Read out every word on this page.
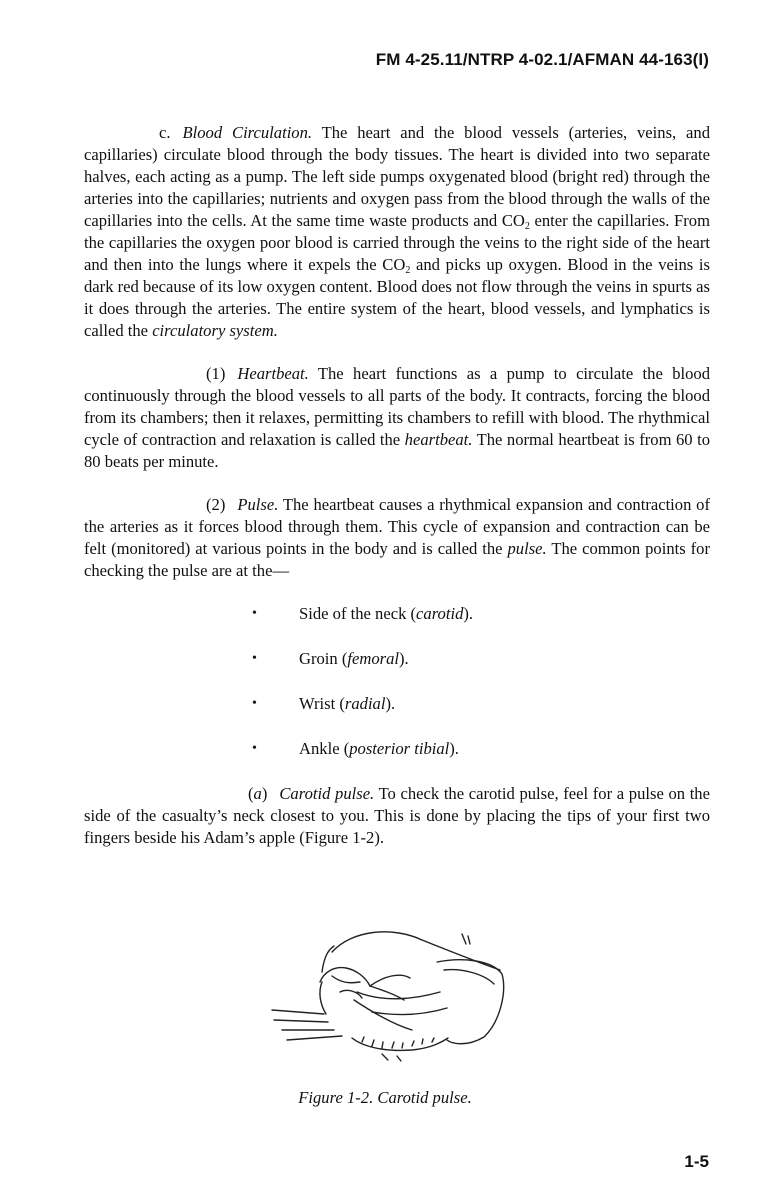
FM 4-25.11/NTRP 4-02.1/AFMAN 44-163(I)

c. Blood Circulation. The heart and the blood vessels (arteries, veins, and capillaries) circulate blood through the body tissues. The heart is divided into two separate halves, each acting as a pump. The left side pumps oxygenated blood (bright red) through the arteries into the capillaries; nutrients and oxygen pass from the blood through the walls of the capillaries into the cells. At the same time waste products and $CO_2$ enter the capillaries. From the capillaries the oxygen poor blood is carried through the veins to the right side of the heart and then into the lungs where it expels the $CO_2$ and picks up oxygen. Blood in the veins is dark red because of its low oxygen content. Blood does not flow through the veins in spurts as it does through the arteries. The entire system of the heart, blood vessels, and lymphatics is called the circulatory system.

(1) Heartbeat. The heart functions as a pump to circulate the blood continuously through the blood vessels to all parts of the body. It contracts, forcing the blood from its chambers; then it relaxes, permitting its chambers to refill with blood. The rhythmical cycle of contraction and relaxation is called the heartbeat. The normal heartbeat is from 60 to 80 beats per minute.

(2) Pulse. The heartbeat causes a rhythmical expansion and contraction of the arteries as it forces blood through them. This cycle of expansion and contraction can be felt (monitored) at various points in the body and is called the pulse. The common points for checking the pulse are at the—

•	Side of the neck (carotid).
•	Groin (femoral).
•	Wrist (radial).
•	Ankle (posterior tibial).

(a) Carotid pulse. To check the carotid pulse, feel for a pulse on the side of the casualty’s neck closest to you. This is done by placing the tips of your first two fingers beside his Adam’s apple (Figure 1-2).

Figure 1-2. Carotid pulse.
1-5
